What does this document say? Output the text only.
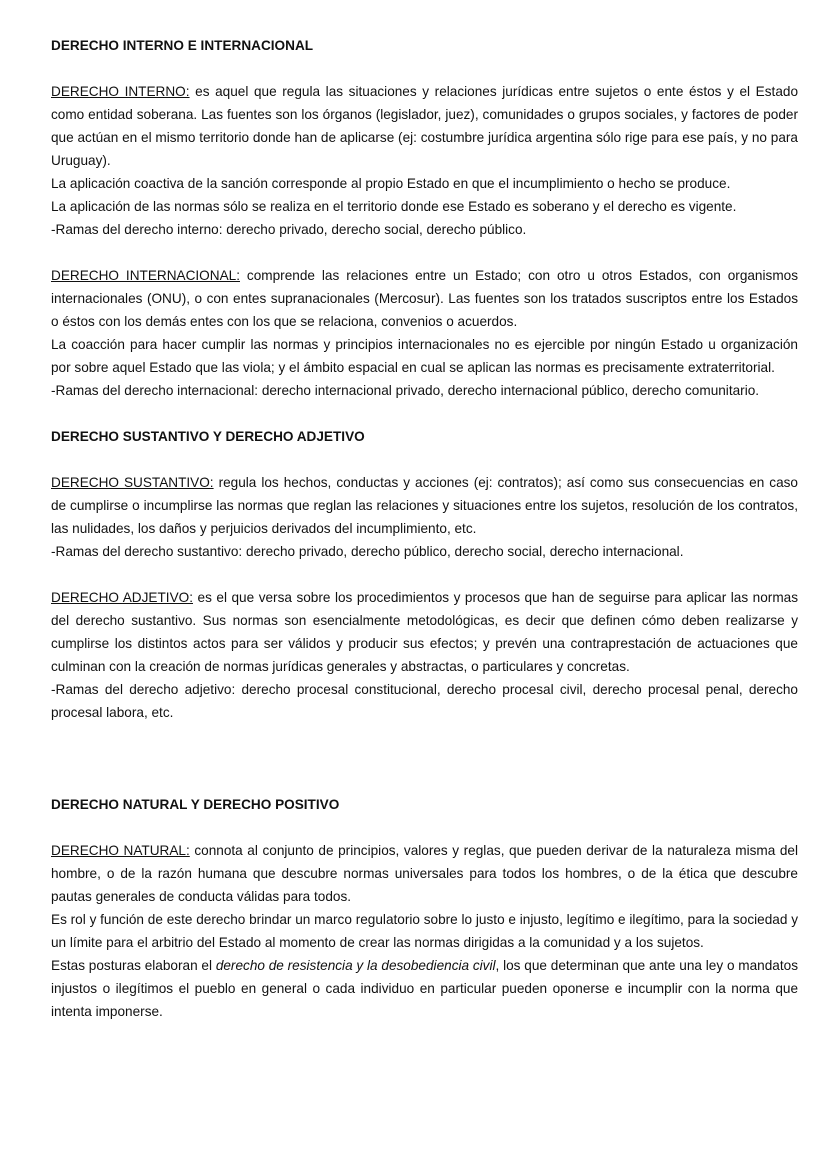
DERECHO INTERNO E INTERNACIONAL

DERECHO INTERNO: es aquel que regula las situaciones y relaciones jurídicas entre sujetos o ente éstos y el Estado como entidad soberana. Las fuentes son los órganos (legislador, juez), comunidades o grupos sociales, y factores de poder que actúan en el mismo territorio donde han de aplicarse (ej: costumbre jurídica argentina sólo rige para ese país, y no para Uruguay).

La aplicación coactiva de la sanción corresponde al propio Estado en que el incumplimiento o hecho se produce.

La aplicación de las normas sólo se realiza en el territorio donde ese Estado es soberano y el derecho es vigente.

-Ramas del derecho interno: derecho privado, derecho social, derecho público.

DERECHO INTERNACIONAL: comprende las relaciones entre un Estado; con otro u otros Estados, con organismos internacionales (ONU), o con entes supranacionales (Mercosur). Las fuentes son los tratados suscriptos entre los Estados o éstos con los demás entes con los que se relaciona, convenios o acuerdos.

La coacción para hacer cumplir las normas y principios internacionales no es ejercible por ningún Estado u organización por sobre aquel Estado que las viola; y el ámbito espacial en cual se aplican las normas es precisamente extraterritorial.

-Ramas del derecho internacional: derecho internacional privado, derecho internacional público, derecho comunitario.

DERECHO SUSTANTIVO Y DERECHO ADJETIVO

DERECHO SUSTANTIVO: regula los hechos, conductas y acciones (ej: contratos); así como sus consecuencias en caso de cumplirse o incumplirse las normas que reglan las relaciones y situaciones entre los sujetos, resolución de los contratos, las nulidades, los daños y perjuicios derivados del incumplimiento, etc.

-Ramas del derecho sustantivo: derecho privado, derecho público, derecho social, derecho internacional.

DERECHO ADJETIVO: es el que versa sobre los procedimientos y procesos que han de seguirse para aplicar las normas del derecho sustantivo. Sus normas son esencialmente metodológicas, es decir que definen cómo deben realizarse y cumplirse los distintos actos para ser válidos y producir sus efectos; y prevén una contraprestación de actuaciones que culminan con la creación de normas jurídicas generales y abstractas, o particulares y concretas.

-Ramas del derecho adjetivo: derecho procesal constitucional, derecho procesal civil, derecho procesal penal, derecho procesal labora, etc.

DERECHO NATURAL Y DERECHO POSITIVO

DERECHO NATURAL: connota al conjunto de principios, valores y reglas, que pueden derivar de la naturaleza misma del hombre, o de la razón humana que descubre normas universales para todos los hombres, o de la ética que descubre pautas generales de conducta válidas para todos.

Es rol y función de este derecho brindar un marco regulatorio sobre lo justo e injusto, legítimo e ilegítimo, para la sociedad y un límite para el arbitrio del Estado al momento de crear las normas dirigidas a la comunidad y a los sujetos.

Estas posturas elaboran el derecho de resistencia y la desobediencia civil, los que determinan que ante una ley o mandatos injustos o ilegítimos el pueblo en general o cada individuo en particular pueden oponerse e incumplir con la norma que intenta imponerse.
